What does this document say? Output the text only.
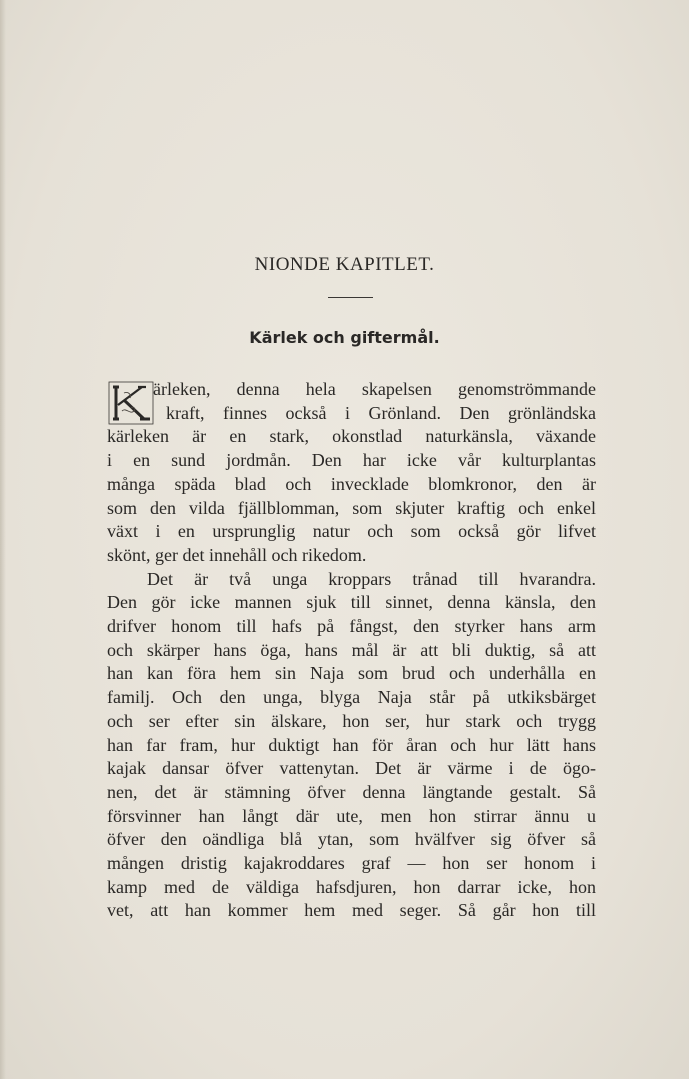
NIONDE KAPITLET.
Kärlek och giftermål.
ärleken, denna hela skapelsen genomströmmande
kraft, finnes också i Grönland. Den grönländska
kärleken är en stark, okonstlad naturkänsla, växande
i en sund jordmån. Den har icke vår kulturplantas
många späda blad och invecklade blomkronor, den är
som den vilda fjällblomman, som skjuter kraftig och enkel
växt i en ursprunglig natur och som också gör lifvet
skönt, ger det innehåll och rikedom.
Det är två unga kroppars trånad till hvarandra.
Den gör icke mannen sjuk till sinnet, denna känsla, den
drifver honom till hafs på fångst, den styrker hans arm
och skärper hans öga, hans mål är att bli duktig, så att
han kan föra hem sin Naja som brud och underhålla en
familj. Och den unga, blyga Naja står på utkiksbärget
och ser efter sin älskare, hon ser, hur stark och trygg
han far fram, hur duktigt han för åran och hur lätt hans
kajak dansar öfver vattenytan. Det är värme i de ögo-
nen, det är stämning öfver denna längtande gestalt. Så
försvinner han långt där ute, men hon stirrar ännu u
öfver den oändliga blå ytan, som hvälfver sig öfver så
mången dristig kajakroddares graf — hon ser honom i
kamp med de väldiga hafsdjuren, hon darrar icke, hon
vet, att han kommer hem med seger. Så går hon till
